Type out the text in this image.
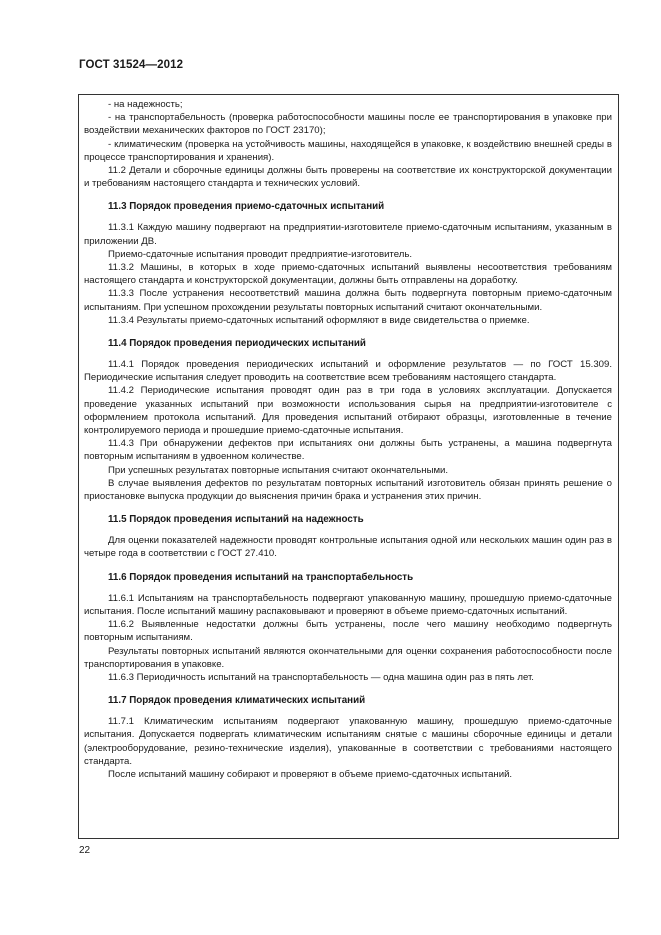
ГОСТ 31524—2012

- на надежность;

- на транспортабельность (проверка работоспособности машины после ее транспортирования в упаковке при воздействии механических факторов по ГОСТ 23170);

- климатическим (проверка на устойчивость машины, находящейся в упаковке, к воздействию внешней среды в процессе транспортирования и хранения).

11.2 Детали и сборочные единицы должны быть проверены на соответствие их конструкторской документации и требованиям настоящего стандарта и технических условий.

11.3 Порядок проведения приемо-сдаточных испытаний

11.3.1 Каждую машину подвергают на предприятии-изготовителе приемо-сдаточным испытаниям, указанным в приложении ДВ.

Приемо-сдаточные испытания проводит предприятие-изготовитель.

11.3.2 Машины, в которых в ходе приемо-сдаточных испытаний выявлены несоответствия требованиям настоящего стандарта и конструкторской документации, должны быть отправлены на доработку.

11.3.3 После устранения несоответствий машина должна быть подвергнута повторным приемо-сдаточным испытаниям. При успешном прохождении результаты повторных испытаний считают окончательными.

11.3.4 Результаты приемо-сдаточных испытаний оформляют в виде свидетельства о приемке.

11.4 Порядок проведения периодических испытаний

11.4.1 Порядок проведения периодических испытаний и оформление результатов — по ГОСТ 15.309. Периодические испытания следует проводить на соответствие всем требованиям настоящего стандарта.

11.4.2 Периодические испытания проводят один раз в три года в условиях эксплуатации. Допускается проведение указанных испытаний при возможности использования сырья на предприятии-изготовителе с оформлением протокола испытаний. Для проведения испытаний отбирают образцы, изготовленные в течение контролируемого периода и прошедшие приемо-сдаточные испытания.

11.4.3 При обнаружении дефектов при испытаниях они должны быть устранены, а машина подвергнута повторным испытаниям в удвоенном количестве.

При успешных результатах повторные испытания считают окончательными.

В случае выявления дефектов по результатам повторных испытаний изготовитель обязан принять решение о приостановке выпуска продукции до выяснения причин брака и устранения этих причин.

11.5 Порядок проведения испытаний на надежность

Для оценки показателей надежности проводят контрольные испытания одной или нескольких машин один раз в четыре года в соответствии с ГОСТ 27.410.

11.6 Порядок проведения испытаний на транспортабельность

11.6.1 Испытаниям на транспортабельность подвергают упакованную машину, прошедшую приемо-сдаточные испытания. После испытаний машину распаковывают и проверяют в объеме приемо-сдаточных испытаний.

11.6.2 Выявленные недостатки должны быть устранены, после чего машину необходимо подвергнуть повторным испытаниям.

Результаты повторных испытаний являются окончательными для оценки сохранения работоспособности после транспортирования в упаковке.

11.6.3 Периодичность испытаний на транспортабельность — одна машина один раз в пять лет.

11.7 Порядок проведения климатических испытаний

11.7.1 Климатическим испытаниям подвергают упакованную машину, прошедшую приемо-сдаточные испытания. Допускается подвергать климатическим испытаниям снятые с машины сборочные единицы и детали (электрооборудование, резино-технические изделия), упакованные в соответствии с требованиями настоящего стандарта.

После испытаний машину собирают и проверяют в объеме приемо-сдаточных испытаний.

22
